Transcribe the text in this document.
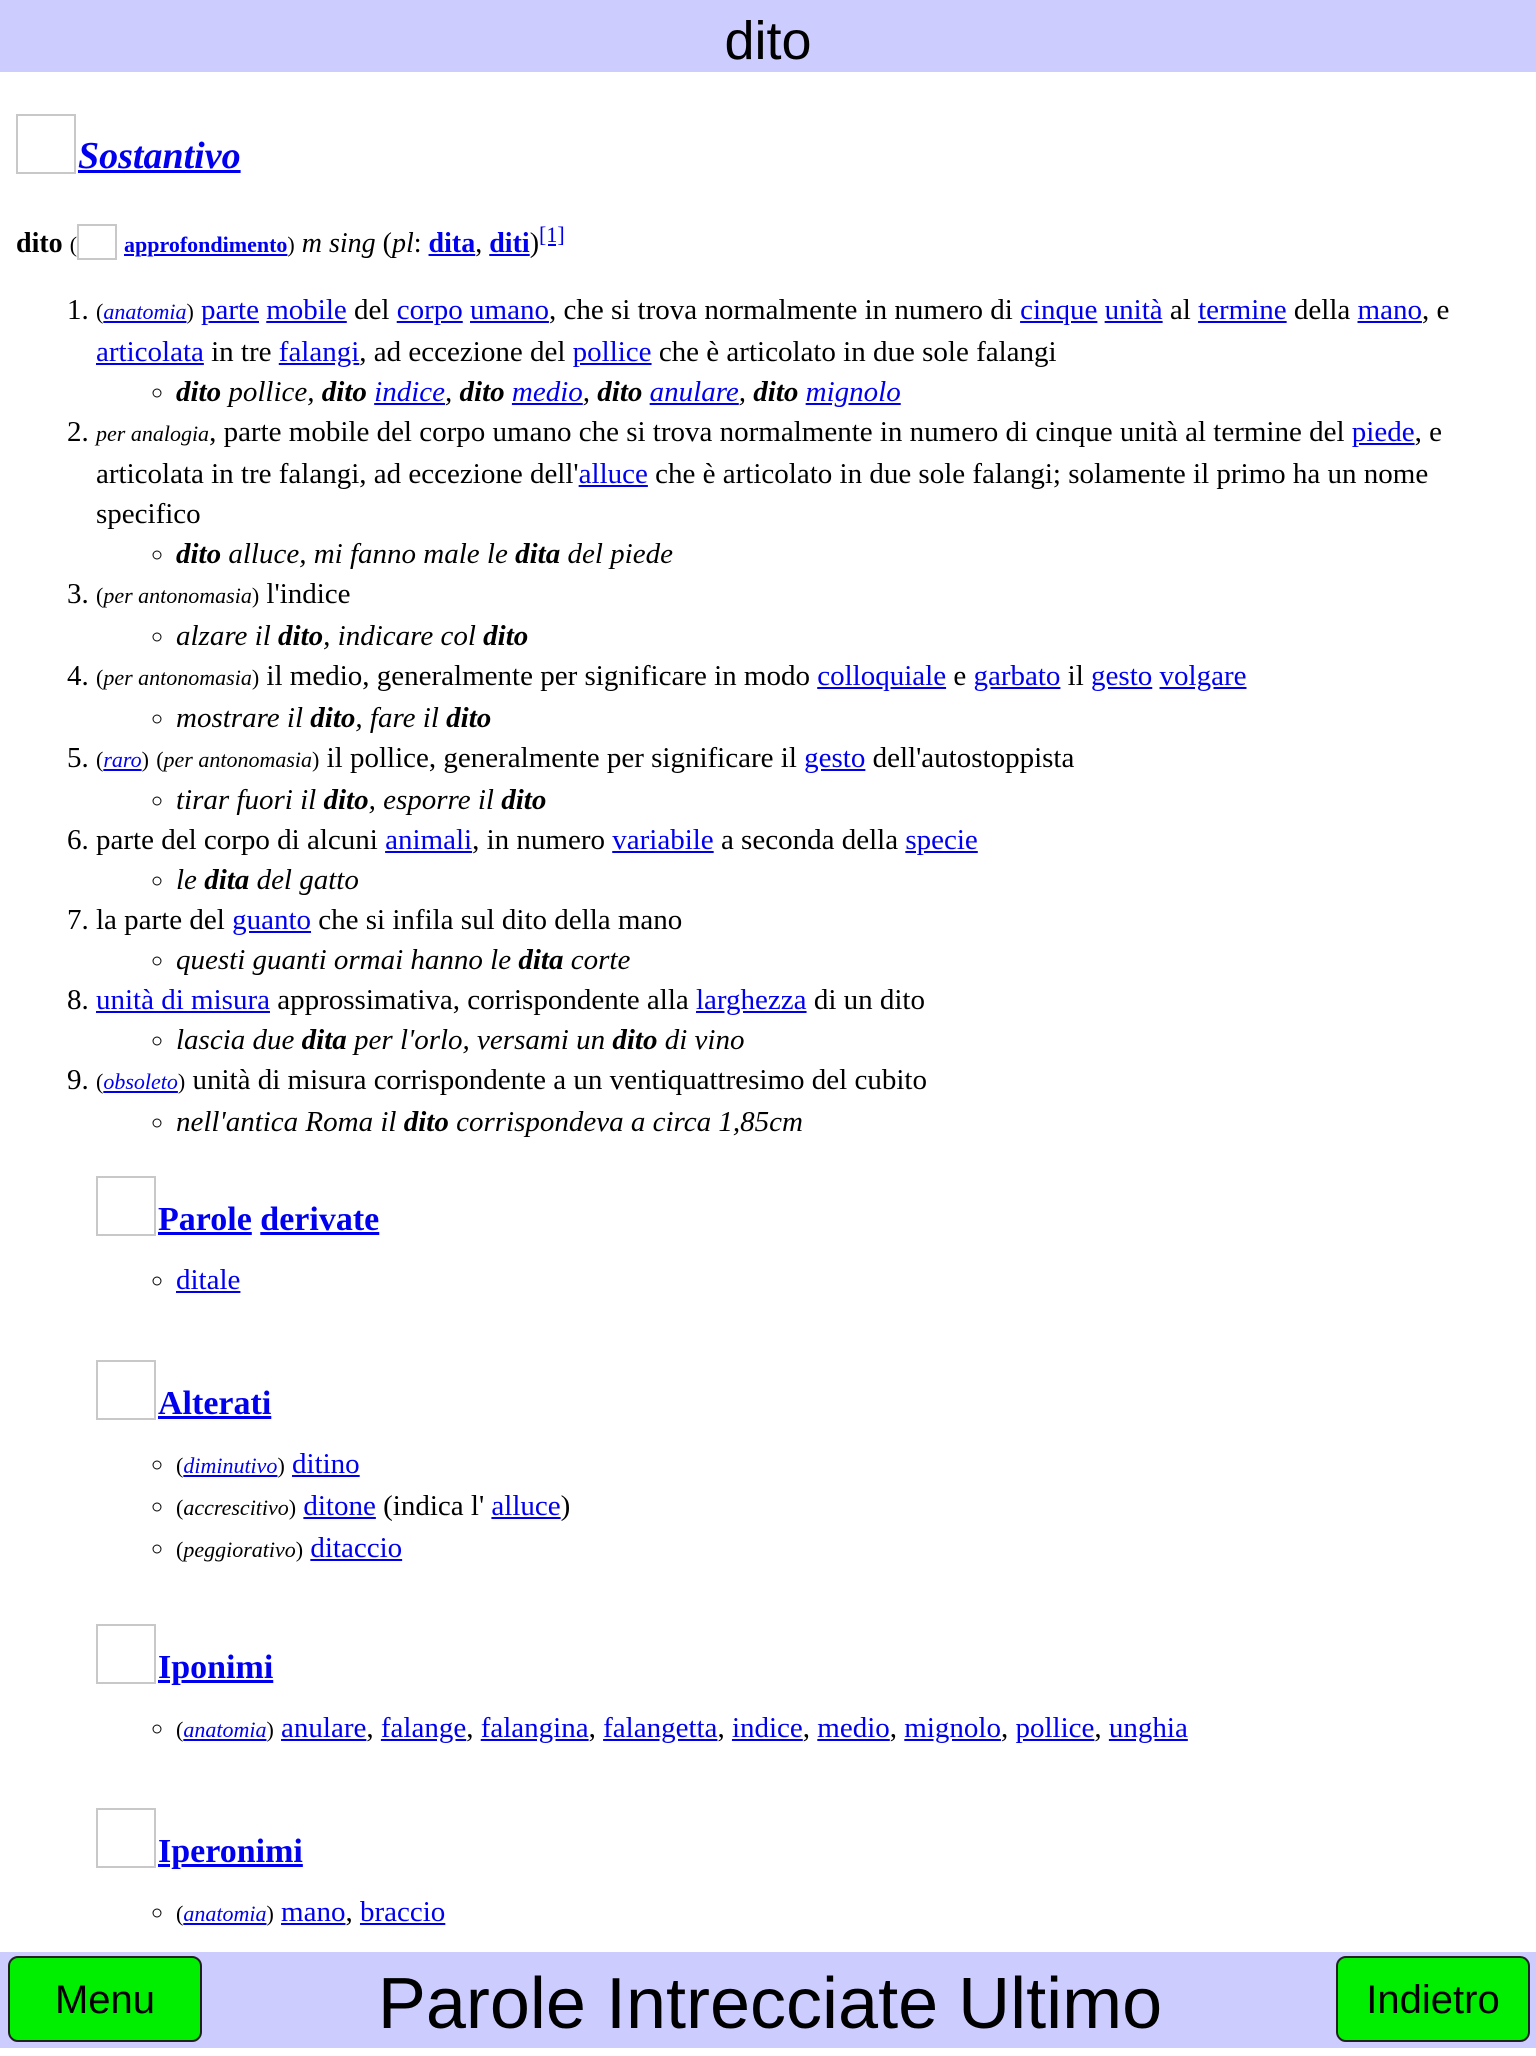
dito
Sostantivo
dito ( approfondimento) m sing (pl: dita, diti)[1]
1. (anatomia) parte mobile del corpo umano, che si trova normalmente in numero di cinque unità al termine della mano, e articolata in tre falangi, ad eccezione del pollice che è articolato in due sole falangi
◦ dito pollice, dito indice, dito medio, dito anulare, dito mignolo
2. per analogia, parte mobile del corpo umano che si trova normalmente in numero di cinque unità al termine del piede, e articolata in tre falangi, ad eccezione dell'alluce che è articolato in due sole falangi; solamente il primo ha un nome specifico
◦ dito alluce, mi fanno male le dita del piede
3. (per antonomasia) l'indice
◦ alzare il dito, indicare col dito
4. (per antonomasia) il medio, generalmente per significare in modo colloquiale e garbato il gesto volgare
◦ mostrare il dito, fare il dito
5. (raro) (per antonomasia) il pollice, generalmente per significare il gesto dell'autostoppista
◦ tirar fuori il dito, esporre il dito
6. parte del corpo di alcuni animali, in numero variabile a seconda della specie
◦ le dita del gatto
7. la parte del guanto che si infila sul dito della mano
◦ questi guanti ormai hanno le dita corte
8. unità di misura approssimativa, corrispondente alla larghezza di un dito
◦ lascia due dita per l'orlo, versami un dito di vino
9. (obsoleto) unità di misura corrispondente a un ventiquattresimo del cubito
◦ nell'antica Roma il dito corrispondeva a circa 1,85cm
Parole derivate
◦ ditale
Alterati
◦ (diminutivo) ditino
◦ (accrescitivo) ditone (indica l' alluce)
◦ (peggiorativo) ditaccio
Iponimi
◦ (anatomia) anulare, falange, falangina, falangetta, indice, medio, mignolo, pollice, unghia
Iperonimi
◦ (anatomia) mano, braccio
Menu	Parole Intrecciate Ultimo	Indietro
